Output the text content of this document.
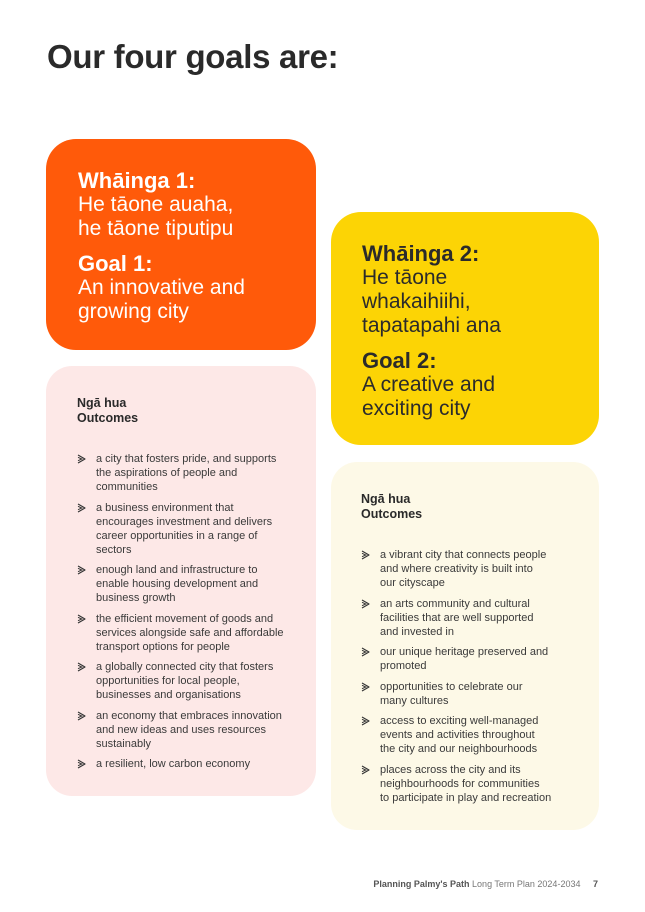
Our four goals are:
Whāinga 1:
He tāone auaha,
he tāone tiputipu
Goal 1:
An innovative and
growing city
Whāinga 2:
He tāone
whakaihiihi,
tapatapahi ana
Goal 2:
A creative and
exciting city
Ngā hua
Outcomes
a city that fosters pride, and supports
the aspirations of people and
communities
a business environment that
encourages investment and delivers
career opportunities in a range of
sectors
enough land and infrastructure to
enable housing development and
business growth
the efficient movement of goods and
services alongside safe and affordable
transport options for people
a globally connected city that fosters
opportunities for local people,
businesses and organisations
an economy that embraces innovation
and new ideas and uses resources
sustainably
a resilient, low carbon economy
Ngā hua
Outcomes
a vibrant city that connects people
and where creativity is built into
our cityscape
an arts community and cultural
facilities that are well supported
and invested in
our unique heritage preserved and
promoted
opportunities to celebrate our
many cultures
access to exciting well-managed
events and activities throughout
the city and our neighbourhoods
places across the city and its
neighbourhoods for communities
to participate in play and recreation
Planning Palmy's Path Long Term Plan 2024-2034 7
